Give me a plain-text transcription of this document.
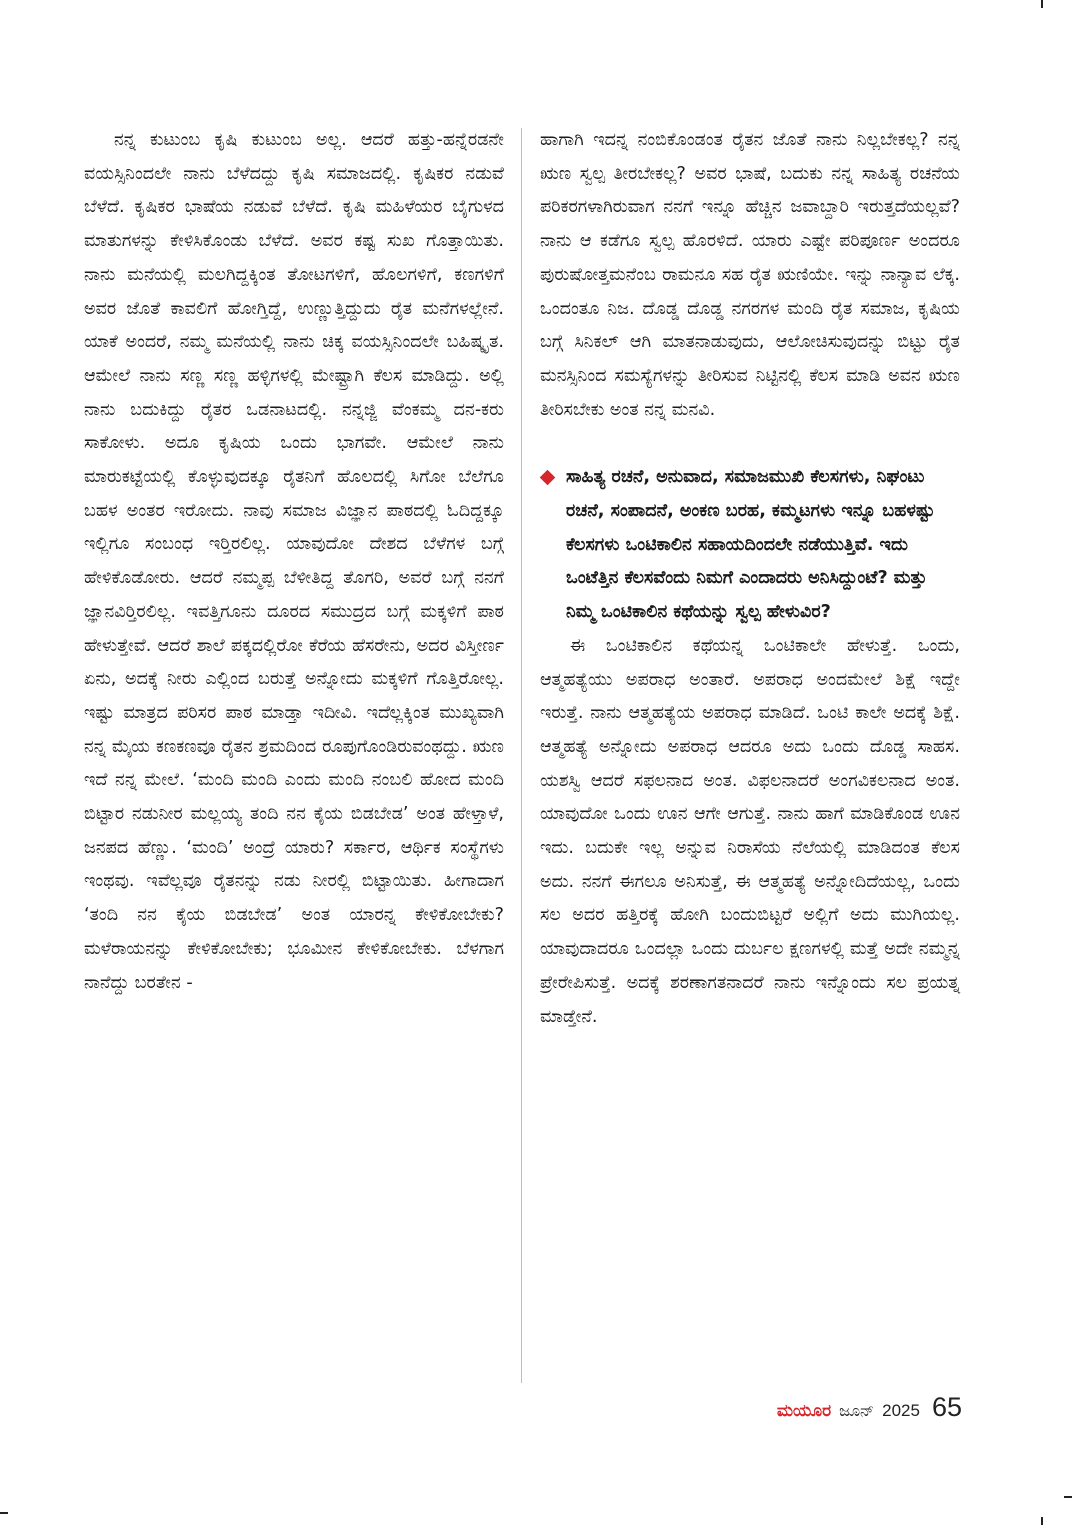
ನನ್ನ ಕುಟುಂಬ ಕೃಷಿ ಕುಟುಂಬ ಅಲ್ಲ. ಆದರೆ ಹತ್ತು-ಹನ್ನೆರಡನೇ ವಯಸ್ಸಿನಿಂದಲೇ ನಾನು ಬೆಳೆದದ್ದು ಕೃಷಿ ಸಮಾಜದಲ್ಲಿ. ಕೃಷಿಕರ ನಡುವೆ ಬೆಳೆದೆ. ಕೃಷಿಕರ ಭಾಷೆಯ ನಡುವೆ ಬೆಳೆದೆ. ಕೃಷಿ ಮಹಿಳೆಯರ ಬೈಗುಳದ ಮಾತುಗಳನ್ನು ಕೇಳಿಸಿಕೊಂಡು ಬೆಳೆದೆ. ಅವರ ಕಷ್ಟ ಸುಖ ಗೊತ್ತಾಯಿತು. ನಾನು ಮನೆಯಲ್ಲಿ ಮಲಗಿದ್ದಕ್ಕಿಂತ ತೋಟಗಳಿಗೆ, ಹೊಲಗಳಿಗೆ, ಕಣಗಳಿಗೆ ಅವರ ಜೊತೆ ಕಾವಲಿಗೆ ಹೋಗ್ತಿದ್ದೆ, ಉಣ್ಣುತ್ತಿದ್ದುದು ರೈತ ಮನೆಗಳಲ್ಲೇನೆ. ಯಾಕೆ ಅಂದರೆ, ನಮ್ಮ ಮನೆಯಲ್ಲಿ ನಾನು ಚಿಕ್ಕ ವಯಸ್ಸಿನಿಂದಲೇ ಬಹಿಷ್ಕೃತ. ಆಮೇಲೆ ನಾನು ಸಣ್ಣ ಸಣ್ಣ ಹಳ್ಳಿಗಳಲ್ಲಿ ಮೇಷ್ಟ್ರಾಗಿ ಕೆಲಸ ಮಾಡಿದ್ದು. ಅಲ್ಲಿ ನಾನು ಬದುಕಿದ್ದು ರೈತರ ಒಡನಾಟದಲ್ಲಿ. ನನ್ನಜ್ಜಿ ವೆಂಕಮ್ಮ ದನ-ಕರು ಸಾಕೋಳು. ಅದೂ ಕೃಷಿಯ ಒಂದು ಭಾಗವೇ. ಆಮೇಲೆ ನಾನು ಮಾರುಕಟ್ಟೆಯಲ್ಲಿ ಕೊಳ್ಳುವುದಕ್ಕೂ ರೈತನಿಗೆ ಹೊಲದಲ್ಲಿ ಸಿಗೋ ಬೆಲೆಗೂ ಬಹಳ ಅಂತರ ಇರೋದು. ನಾವು ಸಮಾಜ ವಿಜ್ಞಾನ ಪಾಠದಲ್ಲಿ ಓದಿದ್ದಕ್ಕೂ ಇಲ್ಲಿಗೂ ಸಂಬಂಧ ಇರ್‍ತಿರಲಿಲ್ಲ. ಯಾವುದೋ ದೇಶದ ಬೆಳೆಗಳ ಬಗ್ಗೆ ಹೇಳಿಕೊಡೋರು. ಆದರೆ ನಮ್ಮಪ್ಪ ಬೆಳೀತಿದ್ದ ತೊಗರಿ, ಅವರೆ ಬಗ್ಗೆ ನನಗೆ ಜ್ಞಾನವಿರ್‍ತಿರಲಿಲ್ಲ. ಇವತ್ತಿಗೂನು ದೂರದ ಸಮುದ್ರದ ಬಗ್ಗೆ ಮಕ್ಕಳಿಗೆ ಪಾಠ ಹೇಳುತ್ತೇವೆ. ಆದರೆ ಶಾಲೆ ಪಕ್ಕದಲ್ಲಿರೋ ಕೆರೆಯ ಹೆಸರೇನು, ಅದರ ವಿಸ್ತೀರ್ಣ ಏನು, ಅದಕ್ಕೆ ನೀರು ಎಲ್ಲಿಂದ ಬರುತ್ತೆ ಅನ್ನೋದು ಮಕ್ಕಳಿಗೆ ಗೊತ್ತಿರೋಲ್ಲ. ಇಷ್ಟು ಮಾತ್ರದ ಪರಿಸರ ಪಾಠ ಮಾಡ್ತಾ ಇದೀವಿ. ಇದೆಲ್ಲಕ್ಕಿಂತ ಮುಖ್ಯವಾಗಿ ನನ್ನ ಮೈಯ ಕಣಕಣವೂ ರೈತನ ಶ್ರಮದಿಂದ ರೂಪುಗೊಂಡಿರುವಂಥದ್ದು. ಋಣ ಇದೆ ನನ್ನ ಮೇಲೆ. ‘ಮಂದಿ ಮಂದಿ ಎಂದು ಮಂದಿ ನಂಬಲಿ ಹೋದ ಮಂದಿ ಬಿಟ್ಟಾರ ನಡುನೀರ ಮಲ್ಲಯ್ಯ ತಂದಿ ನನ ಕೈಯ ಬಿಡಬೇಡ’ ಅಂತ ಹೇಳ್ತಾಳೆ, ಜನಪದ ಹೆಣ್ಣು. ‘ಮಂದಿ’ ಅಂದ್ರೆ ಯಾರು? ಸರ್ಕಾರ, ಆರ್ಥಿಕ ಸಂಸ್ಥೆಗಳು ಇಂಥವು. ಇವೆಲ್ಲವೂ ರೈತನನ್ನು ನಡು ನೀರಲ್ಲಿ ಬಿಟ್ಟಾಯಿತು. ಹೀಗಾದಾಗ ‘ತಂದಿ ನನ ಕೈಯ ಬಿಡಬೇಡ’ ಅಂತ ಯಾರನ್ನ ಕೇಳಿಕೋಬೇಕು? ಮಳೆರಾಯನನ್ನು ಕೇಳಿಕೋಬೇಕು; ಭೂಮೀನ ಕೇಳಿಕೋಬೇಕು. ಬೆಳಗಾಗ ನಾನೆದ್ದು ಬರತೇನ -

ಹಾಗಾಗಿ ಇದನ್ನ ನಂಬಿಕೊಂಡಂತ ರೈತನ ಜೊತೆ ನಾನು ನಿಲ್ಲಬೇಕಲ್ಲ? ನನ್ನ ಋಣ ಸ್ವಲ್ಪ ತೀರಬೇಕಲ್ಲ? ಅವರ ಭಾಷೆ, ಬದುಕು ನನ್ನ ಸಾಹಿತ್ಯ ರಚನೆಯ ಪರಿಕರಗಳಾಗಿರುವಾಗ ನನಗೆ ಇನ್ನೂ ಹೆಚ್ಚಿನ ಜವಾಬ್ದಾರಿ ಇರುತ್ತದೆಯಲ್ಲವೆ? ನಾನು ಆ ಕಡೆಗೂ ಸ್ವಲ್ಪ ಹೊರಳಿದೆ. ಯಾರು ಎಷ್ಟೇ ಪರಿಪೂರ್ಣ ಅಂದರೂ ಪುರುಷೋತ್ತಮನೆಂಬ ರಾಮನೂ ಸಹ ರೈತ ಋಣಿಯೇ. ಇನ್ನು ನಾನ್ಯಾವ ಲೆಕ್ಕ. ಒಂದಂತೂ ನಿಜ. ದೊಡ್ಡ ದೊಡ್ಡ ನಗರಗಳ ಮಂದಿ ರೈತ ಸಮಾಜ, ಕೃಷಿಯ ಬಗ್ಗೆ ಸಿನಿಕಲ್ ಆಗಿ ಮಾತನಾಡುವುದು, ಆಲೋಚಿಸುವುದನ್ನು ಬಿಟ್ಟು ರೈತ ಮನಸ್ಸಿನಿಂದ ಸಮಸ್ಯೆಗಳನ್ನು ತೀರಿಸುವ ನಿಟ್ಟಿನಲ್ಲಿ ಕೆಲಸ ಮಾಡಿ ಅವನ ಋಣ ತೀರಿಸಬೇಕು ಅಂತ ನನ್ನ ಮನವಿ.

ಸಾಹಿತ್ಯ ರಚನೆ, ಅನುವಾದ, ಸಮಾಜಮುಖಿ ಕೆಲಸಗಳು, ನಿಘಂಟು ರಚನೆ, ಸಂಪಾದನೆ, ಅಂಕಣ ಬರಹ, ಕಮ್ಮಟಗಳು ಇನ್ನೂ ಬಹಳಷ್ಟು ಕೆಲಸಗಳು ಒಂಟಿಕಾಲಿನ ಸಹಾಯದಿಂದಲೇ ನಡೆಯುತ್ತಿವೆ. ಇದು ಒಂಟೆತ್ತಿನ ಕೆಲಸವೆಂದು ನಿಮಗೆ ಎಂದಾದರು ಅನಿಸಿದ್ದುಂಟೆ? ಮತ್ತು ನಿಮ್ಮ ಒಂಟಿಕಾಲಿನ ಕಥೆಯನ್ನು ಸ್ವಲ್ಪ ಹೇಳುವಿರ?

ಈ ಒಂಟಿಕಾಲಿನ ಕಥೆಯನ್ನ ಒಂಟಿಕಾಲೇ ಹೇಳುತ್ತೆ. ಒಂದು, ಆತ್ಮಹತ್ಯೆಯು ಅಪರಾಧ ಅಂತಾರೆ. ಅಪರಾಧ ಅಂದಮೇಲೆ ಶಿಕ್ಷೆ ಇದ್ದೇ ಇರುತ್ತೆ. ನಾನು ಆತ್ಮಹತ್ಯೆಯ ಅಪರಾಧ ಮಾಡಿದೆ. ಒಂಟಿ ಕಾಲೇ ಅದಕ್ಕೆ ಶಿಕ್ಷೆ. ಆತ್ಮಹತ್ಯೆ ಅನ್ನೋದು ಅಪರಾಧ ಆದರೂ ಅದು ಒಂದು ದೊಡ್ಡ ಸಾಹಸ. ಯಶಸ್ವಿ ಆದರೆ ಸಫಲನಾದ ಅಂತ. ವಿಫಲನಾದರೆ ಅಂಗವಿಕಲನಾದ ಅಂತ. ಯಾವುದೋ ಒಂದು ಊನ ಆಗೇ ಆಗುತ್ತೆ. ನಾನು ಹಾಗೆ ಮಾಡಿಕೊಂಡ ಊನ ಇದು. ಬದುಕೇ ಇಲ್ಲ ಅನ್ನುವ ನಿರಾಸೆಯ ನೆಲೆಯಲ್ಲಿ ಮಾಡಿದಂತ ಕೆಲಸ ಅದು. ನನಗೆ ಈಗಲೂ ಅನಿಸುತ್ತೆ, ಈ ಆತ್ಮಹತ್ಯೆ ಅನ್ನೋದಿದೆಯಲ್ಲ, ಒಂದು ಸಲ ಅದರ ಹತ್ತಿರಕ್ಕೆ ಹೋಗಿ ಬಂದುಬಿಟ್ಟರೆ ಅಲ್ಲಿಗೆ ಅದು ಮುಗಿಯಲ್ಲ. ಯಾವುದಾದರೂ ಒಂದಲ್ಲಾ ಒಂದು ದುರ್ಬಲ ಕ್ಷಣಗಳಲ್ಲಿ ಮತ್ತೆ ಅದೇ ನಮ್ಮನ್ನ ಪ್ರೇರೇಪಿಸುತ್ತೆ. ಅದಕ್ಕೆ ಶರಣಾಗತನಾದರೆ ನಾನು ಇನ್ನೊಂದು ಸಲ ಪ್ರಯತ್ನ ಮಾಡ್ತೇನೆ.

ಮಯೂರ ಜೂನ್ 2025 65
